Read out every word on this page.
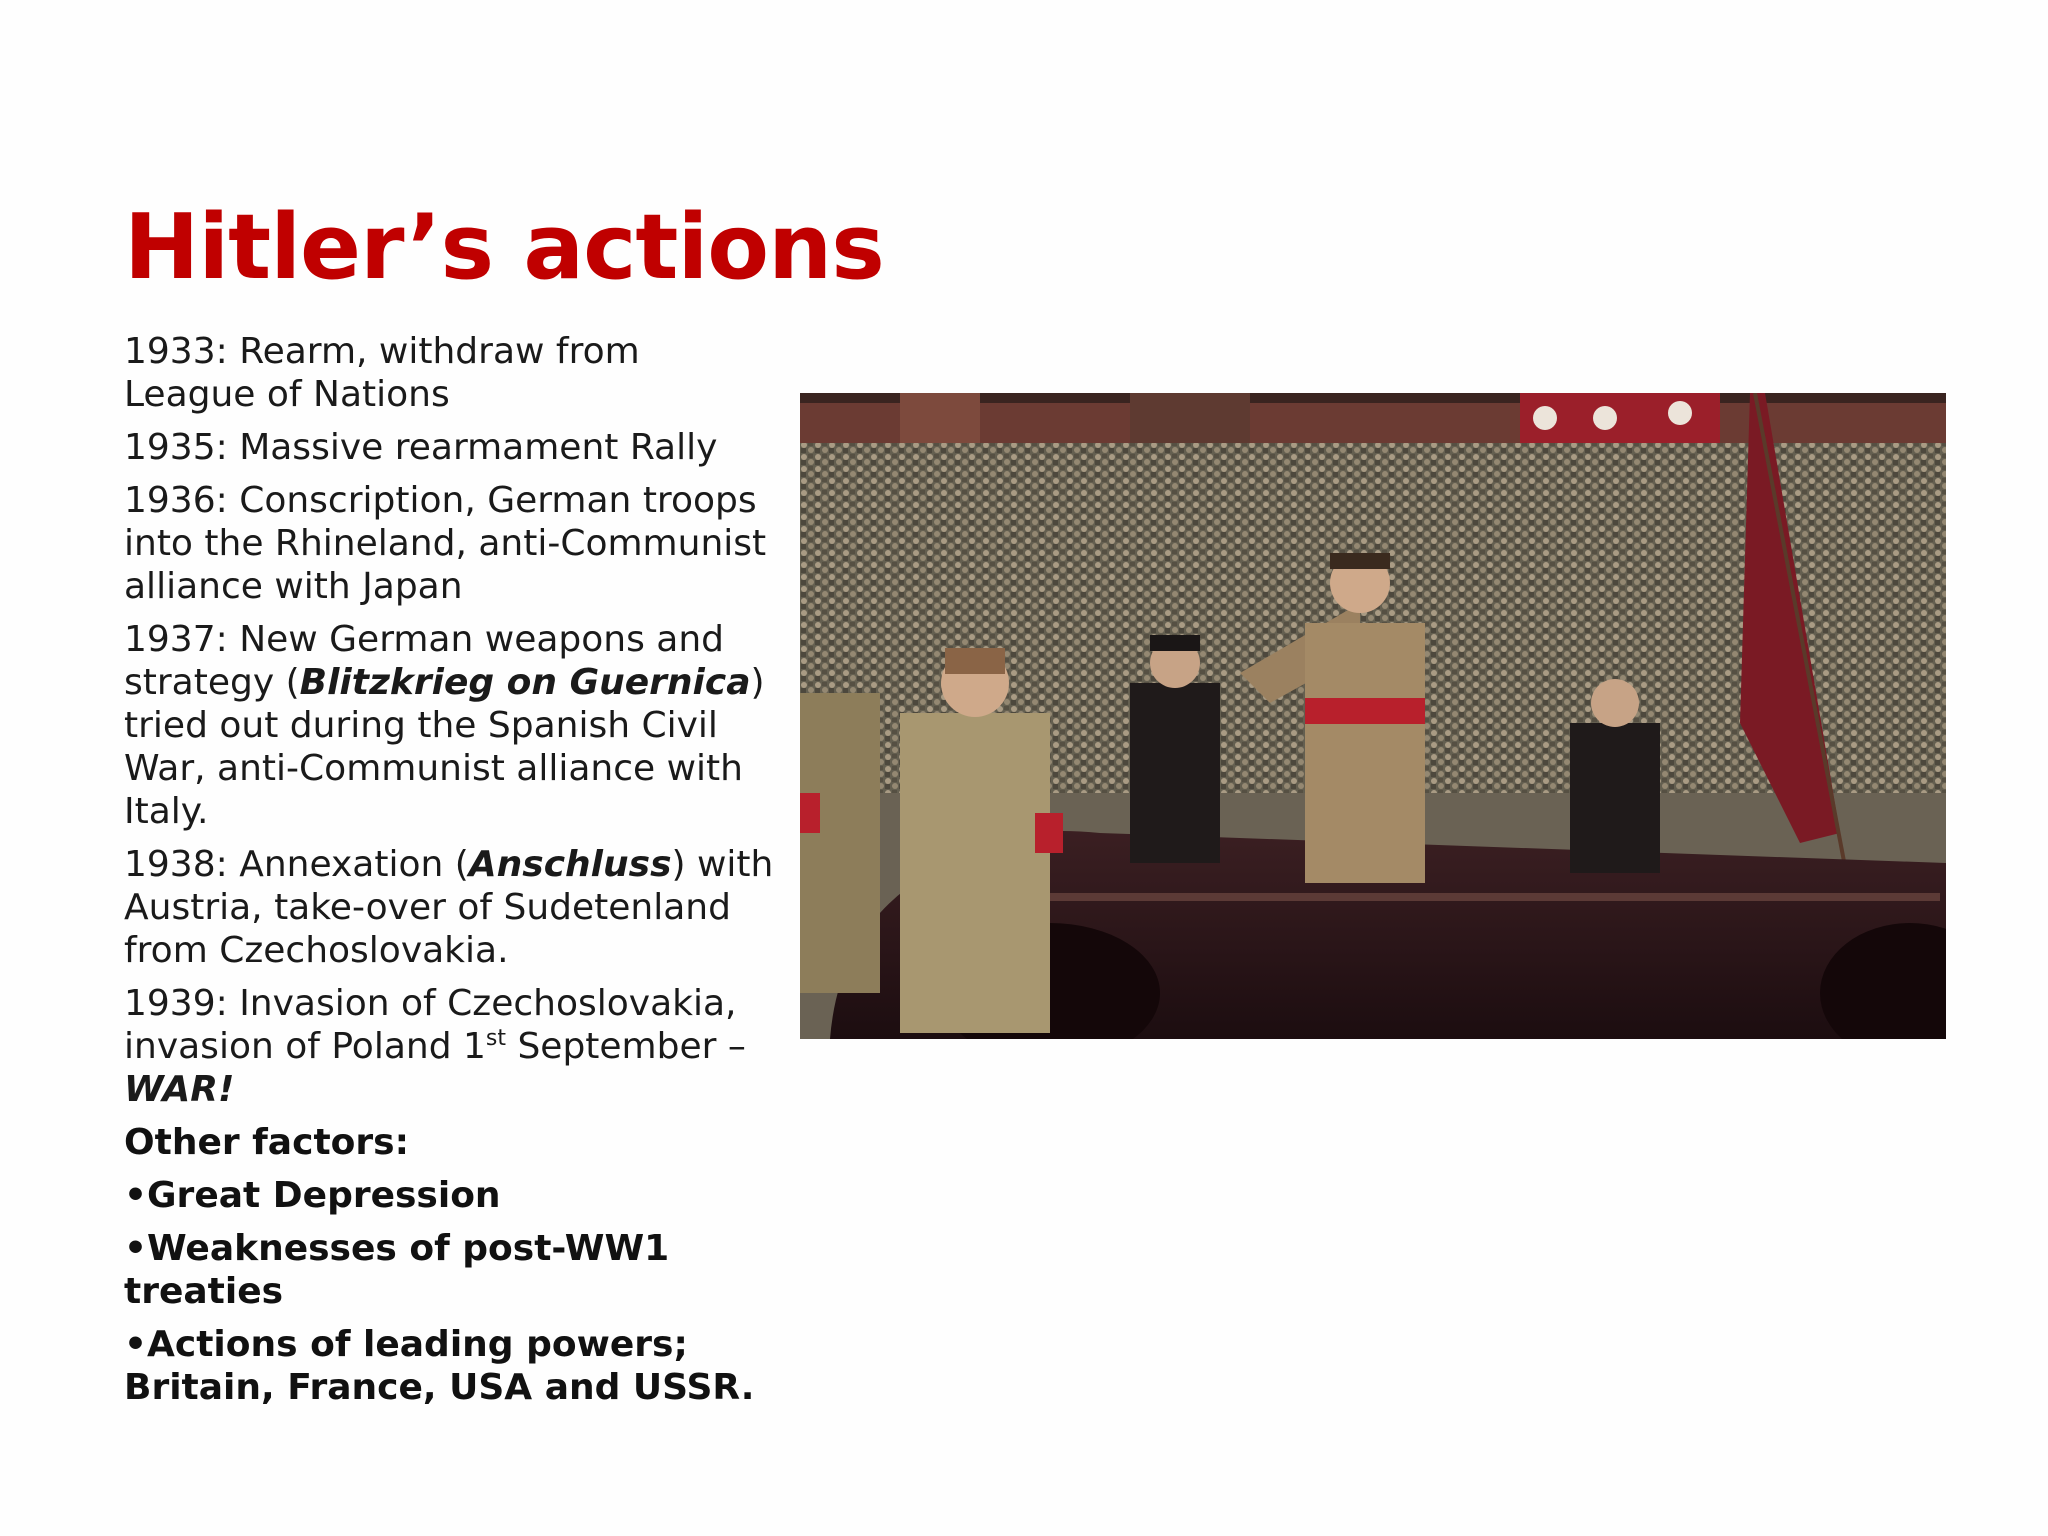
Hitler’s actions

1933: Rearm, withdraw from League of Nations

1935: Massive rearmament Rally

1936: Conscription, German troops into the Rhineland, anti-Communist alliance with Japan

1937: New German weapons and strategy (Blitzkrieg on Guernica) tried out during the Spanish Civil War, anti-Communist alliance with Italy.

1938: Annexation (Anschluss) with Austria, take-over of Sudetenland from Czechoslovakia.

1939: Invasion of Czechoslovakia, invasion of Poland 1st September –
WAR!

Other factors:

•Great Depression

•Weaknesses of post-WW1 treaties

•Actions of leading powers; Britain, France, USA and USSR.
